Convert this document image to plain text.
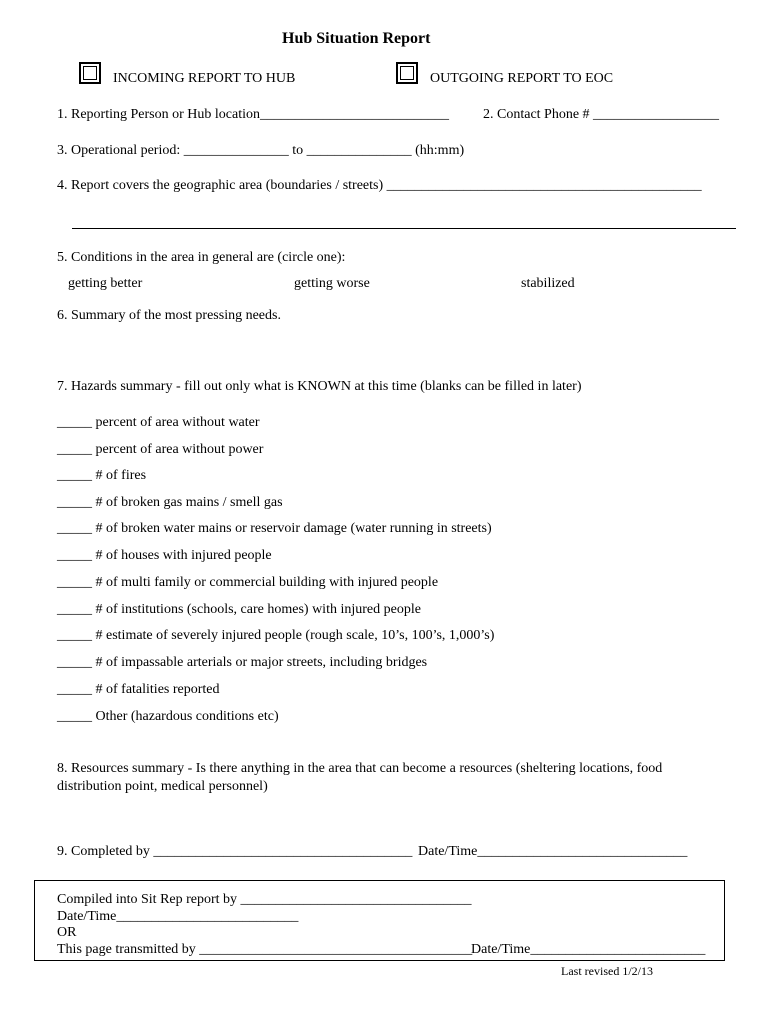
Hub Situation Report
INCOMING REPORT TO HUB	OUTGOING REPORT TO EOC
1. Reporting Person or Hub location___________________________ 2. Contact Phone # __________________
3. Operational period: _______________ to _______________ (hh:mm)
4. Report covers the geographic area (boundaries / streets) _____________________________________________
5. Conditions in the area in general are (circle one):
getting better	getting worse	stabilized
6. Summary of the most pressing needs.
7. Hazards summary - fill out only what is KNOWN at this time (blanks can be filled in later)
_____ percent of area without water
_____ percent of area without power
_____ # of fires
_____ # of broken gas mains / smell gas
_____ # of broken water mains or reservoir damage (water running in streets)
_____ # of houses with injured people
_____ # of multi family or commercial building with injured people
_____ # of institutions (schools, care homes) with injured people
_____ # estimate of severely injured people (rough scale, 10’s, 100’s, 1,000’s)
_____ # of impassable arterials or major streets, including bridges
_____ # of fatalities reported
_____ Other (hazardous conditions etc)
8. Resources summary - Is there anything in the area that can become a resources (sheltering locations, food
distribution point, medical personnel)
9. Completed by _____________________________________ Date/Time______________________________
Compiled into Sit Rep report by _________________________________
Date/Time__________________________
OR
This page transmitted by _______________________________________
Date/Time_________________________
Last revised 1/2/13
